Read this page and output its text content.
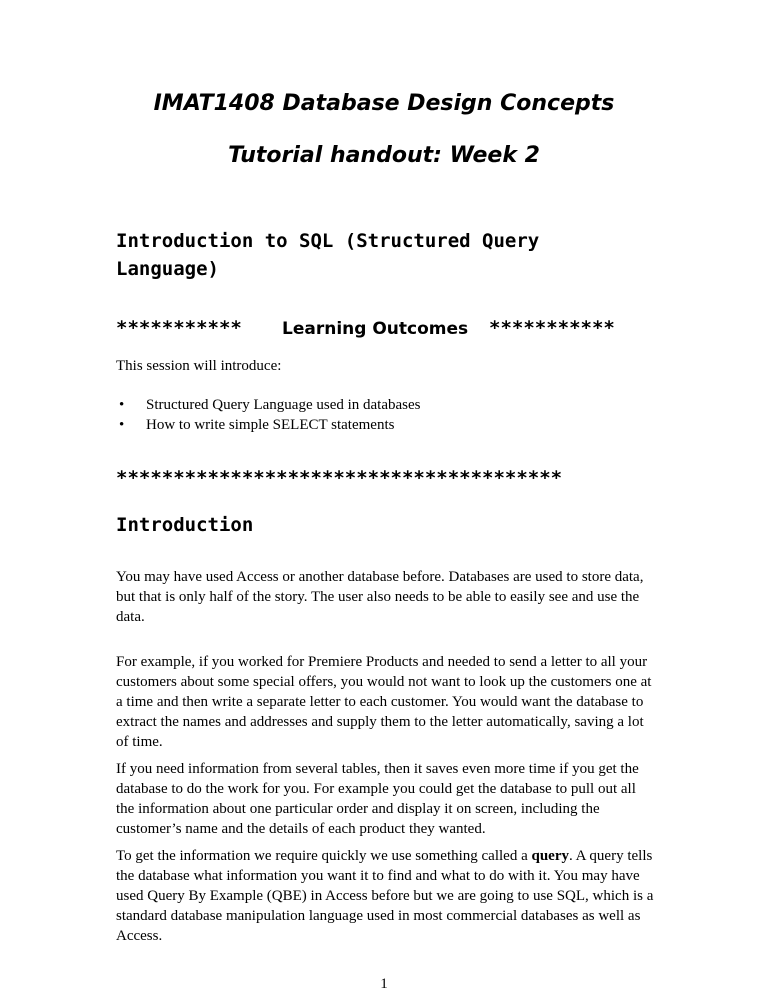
IMAT1408 Database Design Concepts
Tutorial handout: Week 2
Introduction to SQL (Structured Query Language)
*********** Learning Outcomes ***********

This session will introduce:

• Structured Query Language used in databases
• How to write simple SELECT statements
***************************************
Introduction

You may have used Access or another database before. Databases are used to store data, but that is only half of the story. The user also needs to be able to easily see and use the data.

For example, if you worked for Premiere Products and needed to send a letter to all your customers about some special offers, you would not want to look up the customers one at a time and then write a separate letter to each customer. You would want the database to extract the names and addresses and supply them to the letter automatically, saving a lot of time.

If you need information from several tables, then it saves even more time if you get the database to do the work for you. For example you could get the database to pull out all the information about one particular order and display it on screen, including the customer’s name and the details of each product they wanted.

To get the information we require quickly we use something called a query. A query tells the database what information you want it to find and what to do with it. You may have used Query By Example (QBE) in Access before but we are going to use SQL, which is a standard database manipulation language used in most commercial databases as well as Access.

1
